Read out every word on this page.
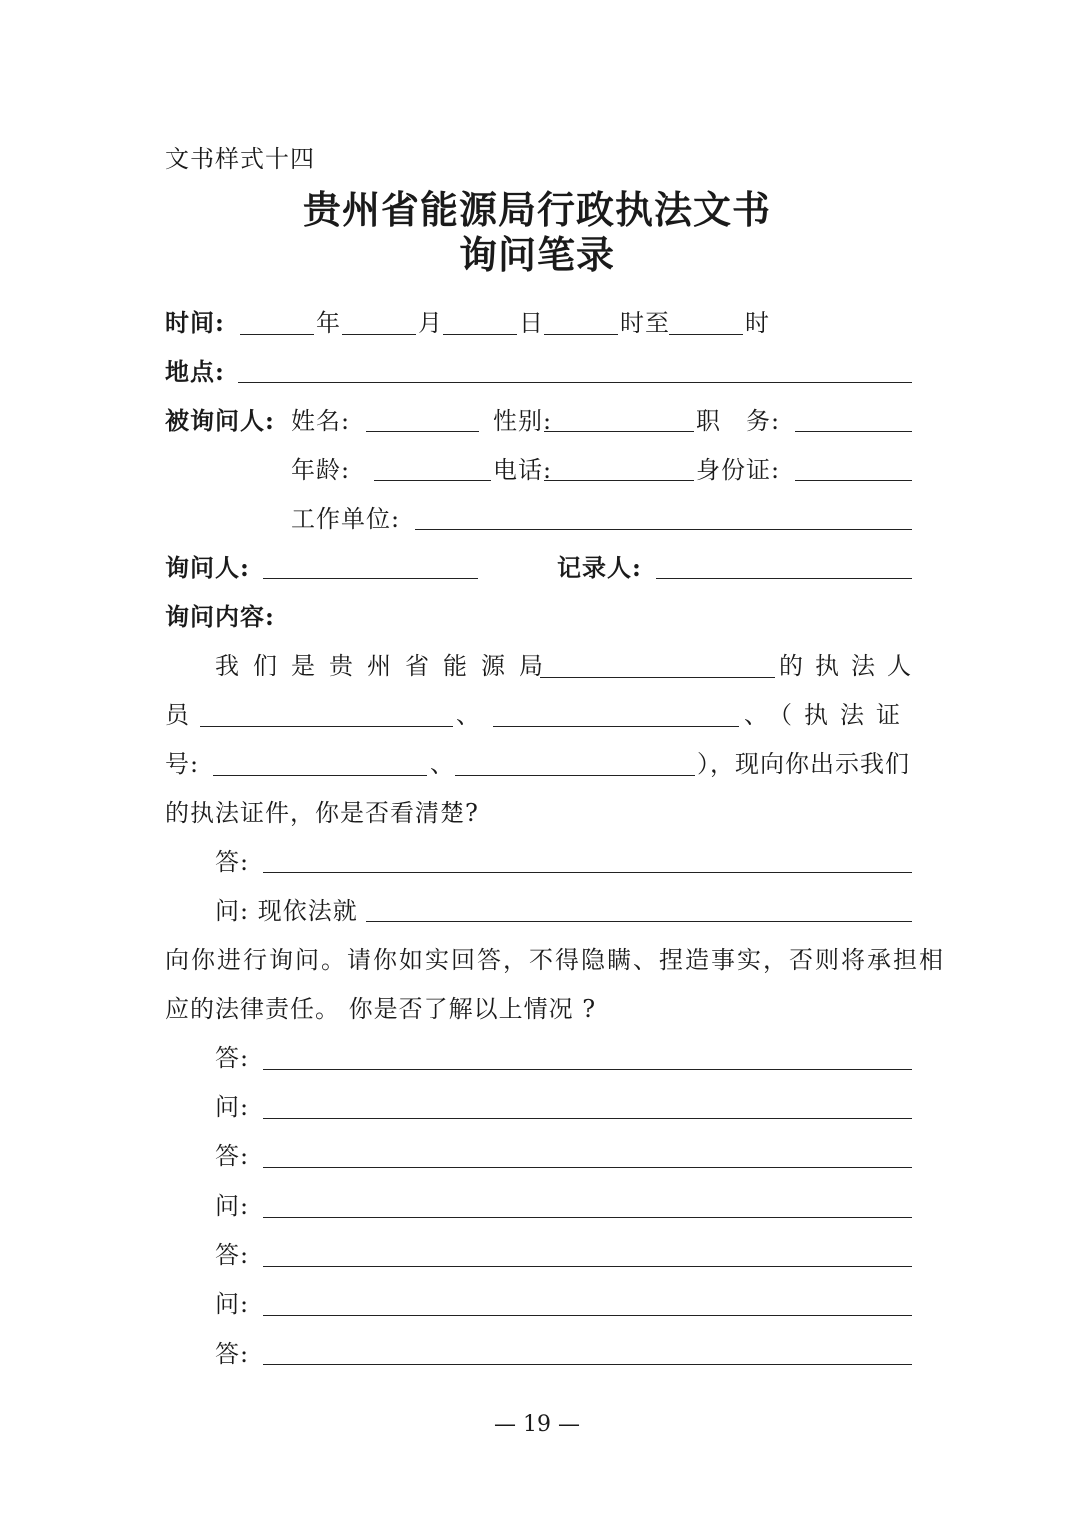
文书样式十四
贵州省能源局行政执法文书
询问笔录
时间:	年	月	日	时至	时
地点:
被询问人: 姓名:	性别:	职　务:
年龄:	电话:	身份证:
工作单位:
询问人:	记录人:
询问内容:
我们是贵州省能源局	的执法人
员	、	、（执法证
号:	、	），现向你出示我们
的执法证件，你是否看清楚?
答:
问: 现依法就
向你进行询问。请你如实回答，不得隐瞒、捏造事实，否则将承担相
应的法律责任。 你是否了解以上情况 ?
答:
问:
答:
问:
答:
问:
答:
— 19 —
